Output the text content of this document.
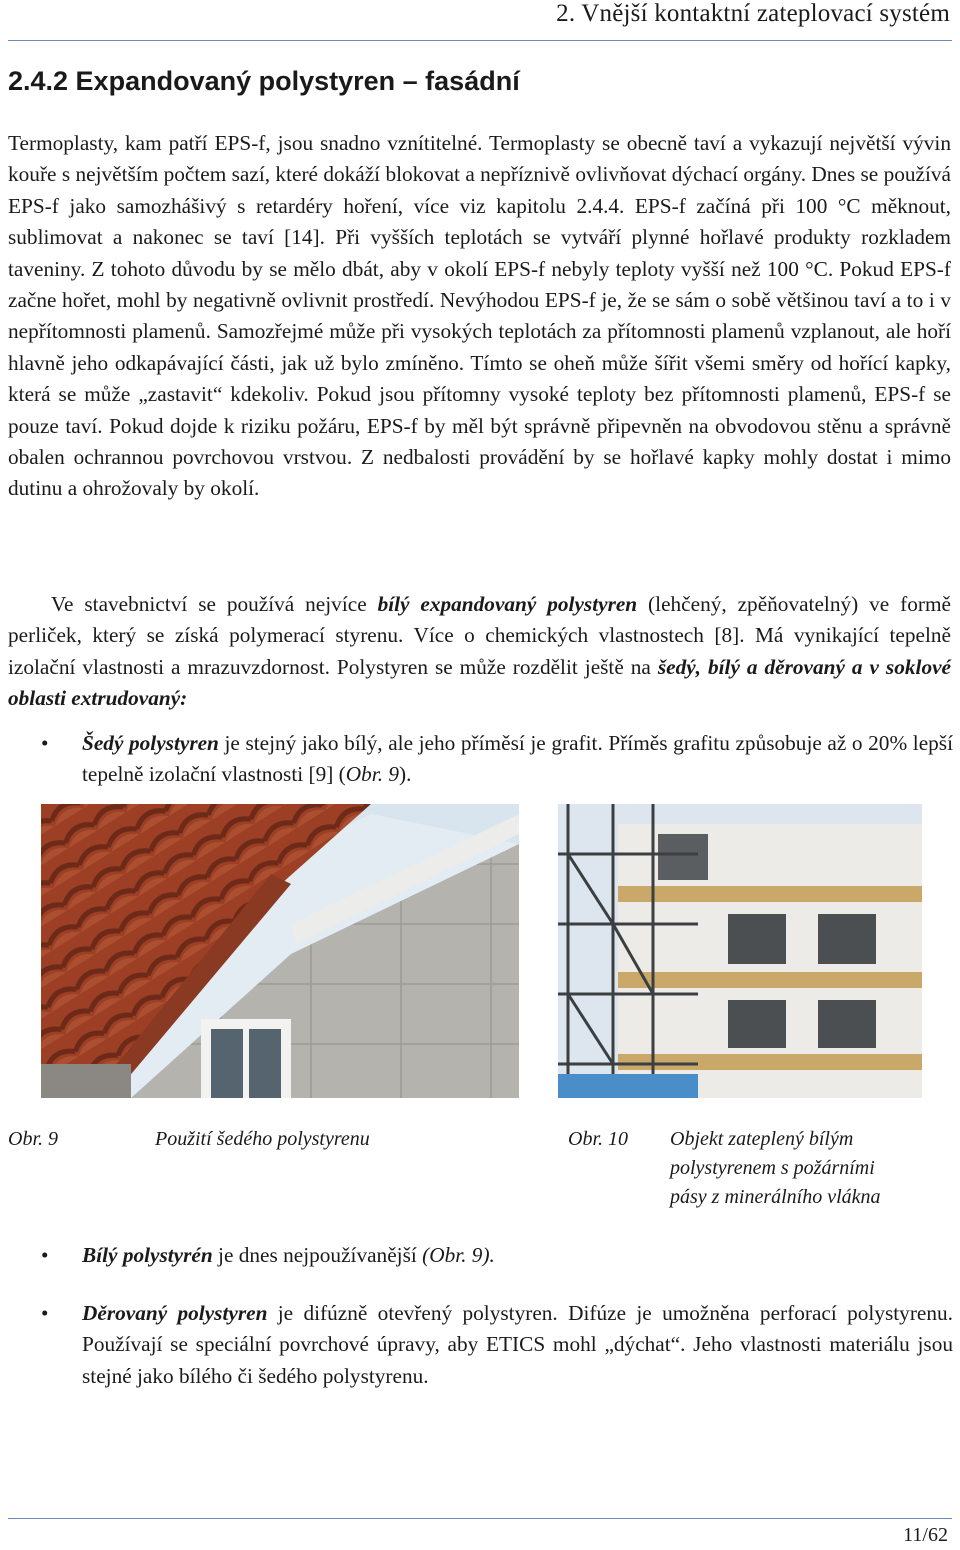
2. Vnější kontaktní zateplovací systém
2.4.2 Expandovaný polystyren – fasádní

Termoplasty, kam patří EPS-f, jsou snadno vznítitelné. Termoplasty se obecně taví a vykazují největší vývin kouře s největším počtem sazí, které dokáží blokovat a nepříznivě ovlivňovat dýchací orgány. Dnes se používá EPS-f jako samozhášivý s retardéry hoření, více viz kapitolu 2.4.4. EPS-f začíná při 100 °C měknout, sublimovat a nakonec se taví [14]. Při vyšších teplotách se vytváří plynné hořlavé produkty rozkladem taveniny. Z tohoto důvodu by se mělo dbát, aby v okolí EPS-f nebyly teploty vyšší než 100 °C. Pokud EPS-f začne hořet, mohl by negativně ovlivnit prostředí. Nevýhodou EPS-f je, že se sám o sobě většinou taví a to i v nepřítomnosti plamenů. Samozřejmé může při vysokých teplotách za přítomnosti plamenů vzplanout, ale hoří hlavně jeho odkapávající části, jak už bylo zmíněno. Tímto se oheň může šířit všemi směry od hořící kapky, která se může „zastavit“ kdekoliv. Pokud jsou přítomny vysoké teploty bez přítomnosti plamenů, EPS-f se pouze taví. Pokud dojde k riziku požáru, EPS-f by měl být správně připevněn na obvodovou stěnu a správně obalen ochrannou povrchovou vrstvou. Z nedbalosti provádění by se hořlavé kapky mohly dostat i mimo dutinu a ohrožovaly by okolí.

Ve stavebnictví se používá nejvíce bílý expandovaný polystyren (lehčený, zpěňovatelný) ve formě perliček, který se získá polymerací styrenu. Více o chemických vlastnostech [8]. Má vynikající tepelně izolační vlastnosti a mrazuvzdornost. Polystyren se může rozdělit ještě na šedý, bílý a děrovaný a v soklové oblasti extrudovaný:

• Šedý polystyren je stejný jako bílý, ale jeho příměsí je grafit. Příměs grafitu způsobuje až o 20% lepší tepelně izolační vlastnosti [9] (Obr. 9).
Obr. 9	Použití šedého polystyrenu	Obr. 10 Objekt zateplený bílým
polystyrenem s požárními
pásy z minerálního vlákna
• Bílý polystyrén je dnes nejpoužívanější (Obr. 9).
• Děrovaný polystyren je difúzně otevřený polystyren. Difúze je umožněna perforací polystyrenu. Používají se speciální povrchové úpravy, aby ETICS mohl „dýchat“. Jeho vlastnosti materiálu jsou stejné jako bílého či šedého polystyrenu.
11/62
